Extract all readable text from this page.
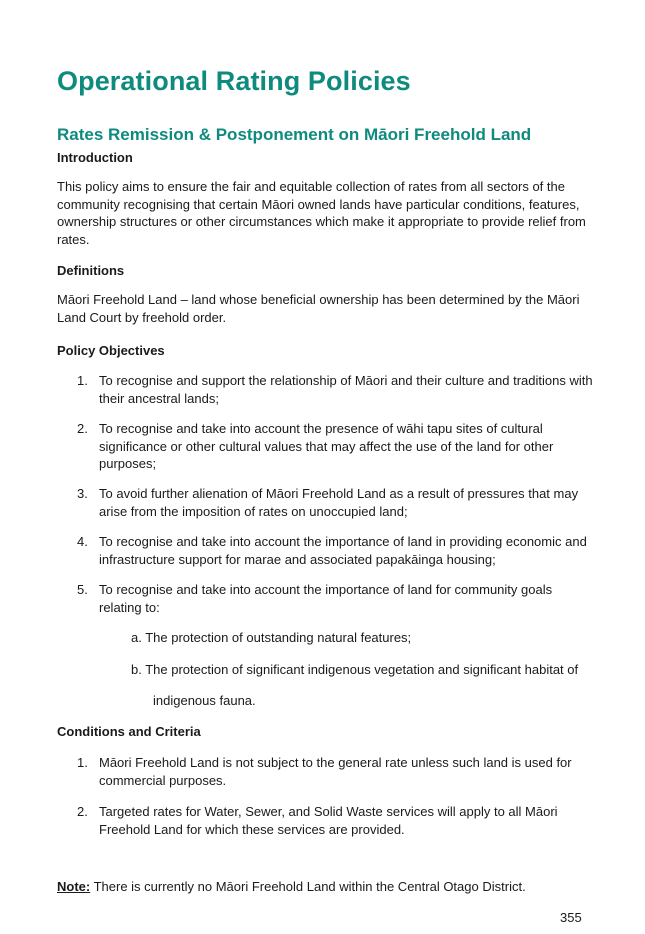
Operational Rating Policies
Rates Remission & Postponement on Māori Freehold Land
Introduction

This policy aims to ensure the fair and equitable collection of rates from all sectors of the community recognising that certain Māori owned lands have particular conditions, features, ownership structures or other circumstances which make it appropriate to provide relief from rates.

Definitions

Māori Freehold Land – land whose beneficial ownership has been determined by the Māori Land Court by freehold order.

Policy Objectives
1. To recognise and support the relationship of Māori and their culture and traditions with their ancestral lands;
2. To recognise and take into account the presence of wāhi tapu sites of cultural significance or other cultural values that may affect the use of the land for other purposes;
3. To avoid further alienation of Māori Freehold Land as a result of pressures that may arise from the imposition of rates on unoccupied land;
4. To recognise and take into account the importance of land in providing economic and infrastructure support for marae and associated papakāinga housing;
5. To recognise and take into account the importance of land for community goals relating to:
a. The protection of outstanding natural features;
b. The protection of significant indigenous vegetation and significant habitat of
indigenous fauna.
Conditions and Criteria
1. Māori Freehold Land is not subject to the general rate unless such land is used for commercial purposes.
2. Targeted rates for Water, Sewer, and Solid Waste services will apply to all Māori Freehold Land for which these services are provided.
Note: There is currently no Māori Freehold Land within the Central Otago District.
355
